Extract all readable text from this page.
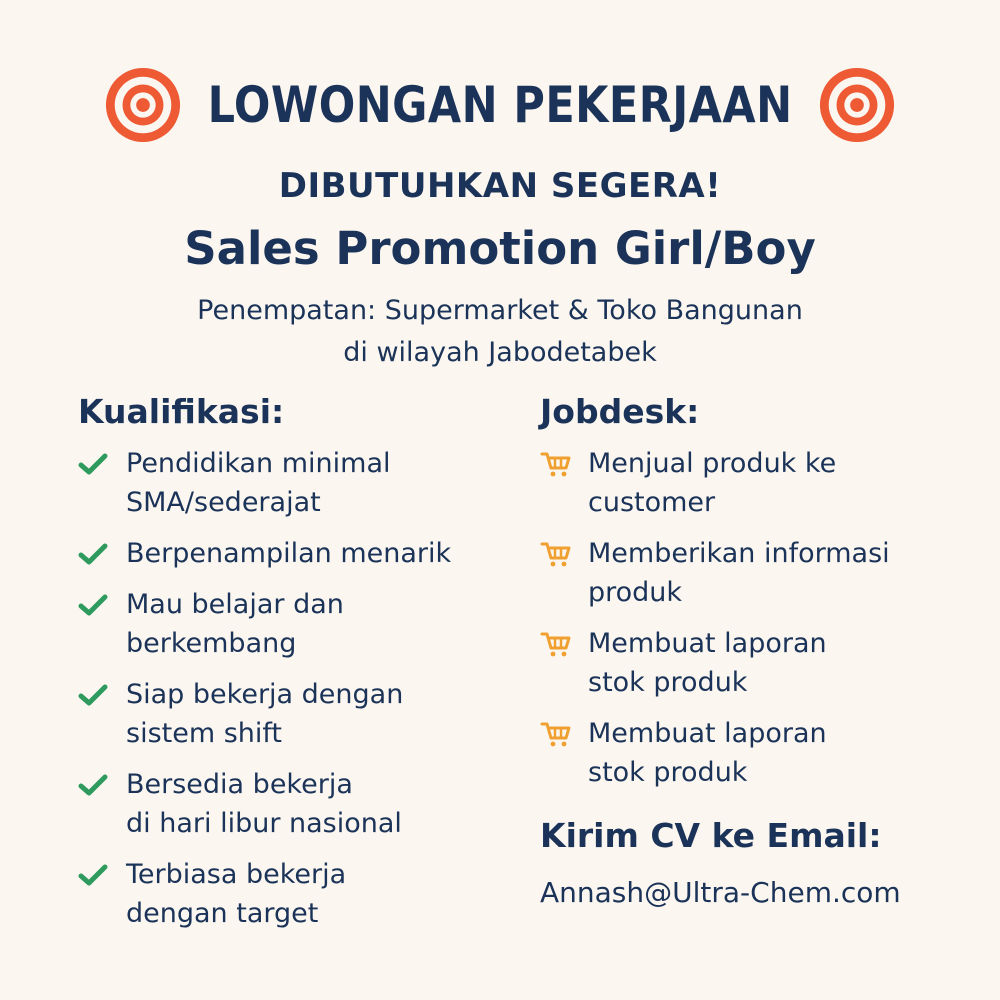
LOWONGAN PEKERJAAN
DIBUTUHKAN SEGERA!
Sales Promotion Girl/Boy
Penempatan: Supermarket & Toko Bangunan
di wilayah Jabodetabek
Kualifikasi:
Pendidikan minimal
SMA/sederajat
Berpenampilan menarik
Mau belajar dan
berkembang
Siap bekerja dengan
sistem shift
Bersedia bekerja
di hari libur nasional
Terbiasa bekerja
dengan target
Jobdesk:
Menjual produk ke
customer
Memberikan informasi
produk
Membuat laporan
stok produk
Membuat laporan
stok produk
Kirim CV ke Email:
Annash@Ultra-Chem.com
